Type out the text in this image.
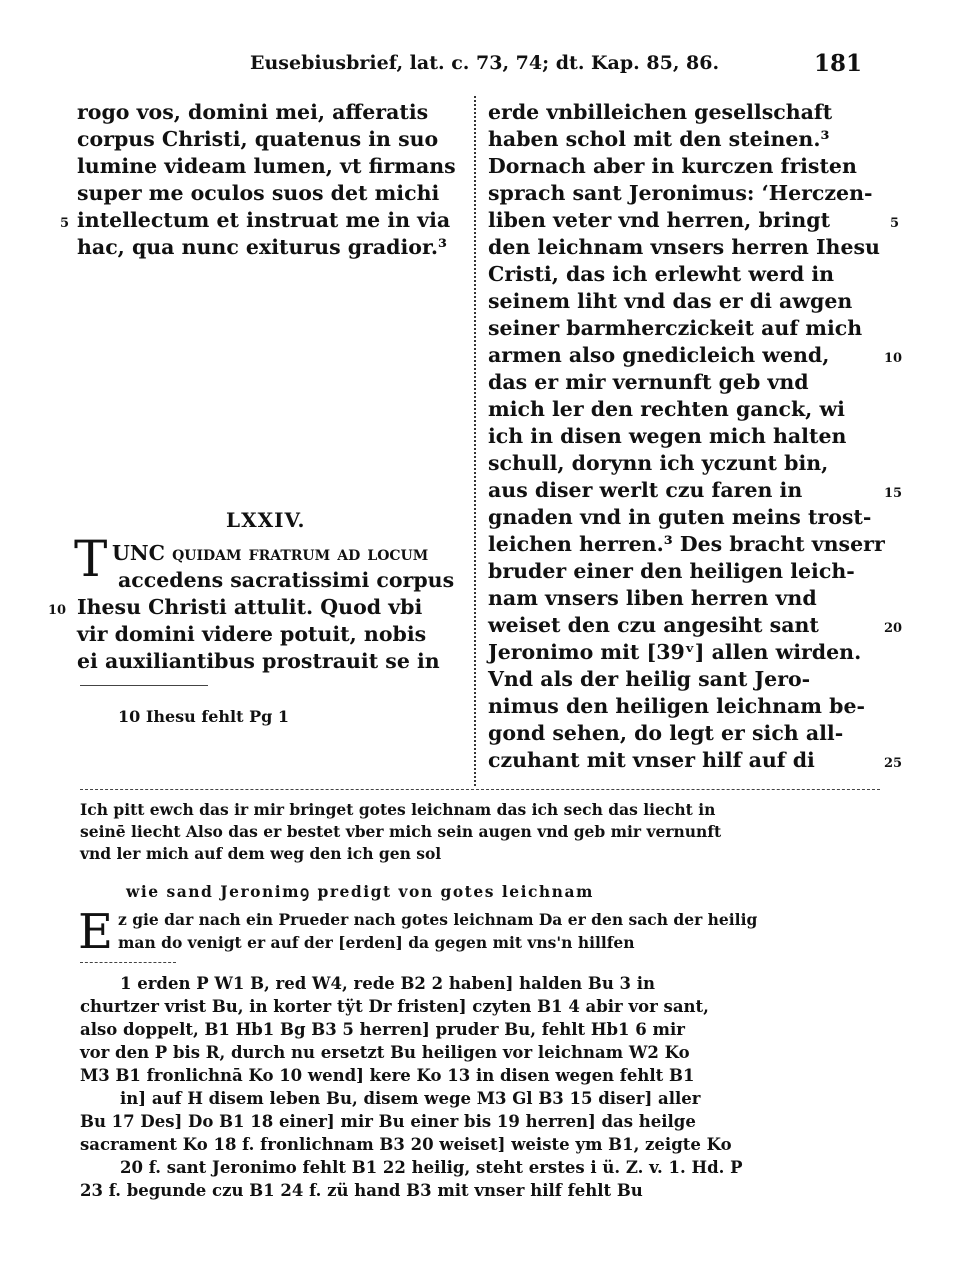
Eusebiusbrief, lat. c. 73, 74; dt. Kap. 85, 86.	181
rogo vos, domini mei, afferatis
corpus Christi, quatenus in suo
lumine videam lumen, vt firmans
super me oculos suos det michi
intellectum et instruat me in via
hac, qua nunc exiturus gradior.³
LXXIV.
T UNC quidam fratrum ad locum
accedens sacratissimi corpus
Ihesu Christi attulit. Quod vbi
vir domini videre potuit, nobis
ei auxiliantibus prostrauit se in
10 Ihesu fehlt Pg 1
5
10
erde vnbilleichen gesellschaft
haben schol mit den steinen.³
Dornach aber in kurczen fristen
sprach sant Jeronimus: ‘Herczen-
liben veter vnd herren, bringt
den leichnam vnsers herren Ihesu
Cristi, das ich erlewht werd in
seinem liht vnd das er di awgen
seiner barmherczickeit auf mich
armen also gnedicleich wend,
das er mir vernunft geb vnd
mich ler den rechten ganck, wi
ich in disen wegen mich halten
schull, dorynn ich yczunt bin,
aus diser werlt czu faren in
gnaden vnd in guten meins trost-
leichen herren.³ Des bracht vnserr
bruder einer den heiligen leich-
nam vnsers liben herren vnd
weiset den czu angesiht sant
Jeronimo mit [39ᵛ] allen wirden.
Vnd als der heilig sant Jero-
nimus den heiligen leichnam be-
gond sehen, do legt er sich all-
czuhant mit vnser hilf auf di
5
10
15
20
25
Ich pitt ewch das ir mir bringet gotes leichnam das ich sech das liecht in
seinē liecht Also das er bestet vber mich sein augen vnd geb mir vernunft
vnd ler mich auf dem weg den ich gen sol
wie sand Jeronimꝯ predigt von gotes leichnam
E z gie dar nach ein Prueder nach gotes leichnam Da er den sach der heilig
man do venigt er auf der [erden] da gegen mit vns'n hillfen
1 erden P W1 B, red W4, rede B2 2 haben] halden Bu 3 in
churtzer vrist Bu, in korter tӱt Dr fristen] czyten B1 4 abir vor sant,
also doppelt, B1 Hb1 Bg B3 5 herren] pruder Bu, fehlt Hb1 6 mir
vor den P bis R, durch nu ersetzt Bu heiligen vor leichnam W2 Ko
M3 B1 fronlichnā Ko 10 wend] kere Ko 13 in disen wegen fehlt B1
in] auf H disem leben Bu, disem wege M3 Gl B3 15 diser] aller
Bu 17 Des] Do B1 18 einer] mir Bu einer bis 19 herren] das heilge
sacrament Ko 18 f. fronlichnam B3 20 weiset] weiste ym B1, zeigte Ko
20 f. sant Jeronimo fehlt B1 22 heilig, steht erstes i ü. Z. v. 1. Hd. P
23 f. begunde czu B1 24 f. zü hand B3 mit vnser hilf fehlt Bu
